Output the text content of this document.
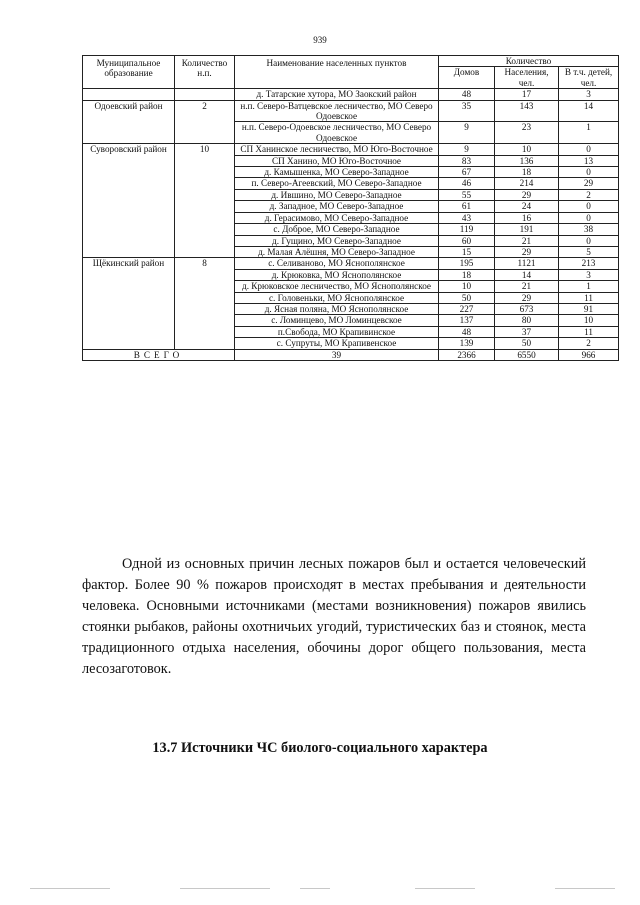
939
Муниципальное образование	Количество н.п.	Наименование населенных пунктов	Количество		
			Домов	Населения, чел.	В т.ч. детей, чел.
		д. Татарские хутора, МО Заокский район	48	17	3
Одоевский район	2	н.п. Северо-Ватцевское лесничество, МО Северо Одоевское	35	143	14
		н.п. Северо-Одоевское лесничество, МО Северо Одоевское	9	23	1
Суворовский район	10	СП Ханинское лесничество, МО Юго-Восточное	9	10	0
		СП Ханино, МО Юго-Восточное	83	136	13
		д. Камышенка, МО Северо-Западное	67	18	0
		п. Северо-Агеевский, МО Северо-Западное	46	214	29
		д. Ившино, МО Северо-Западное	55	29	2
		д. Западное, МО Северо-Западное	61	24	0
		д. Герасимово, МО Северо-Западное	43	16	0
		с. Доброе, МО Северо-Западное	119	191	38
		д. Гущино, МО Северо-Западное	60	21	0
		д. Малая Алёшня, МО Северо-Западное	15	29	5
Щёкинский район	8	с. Селиваново, МО Яснополянское	195	1121	213
		д. Крюковка, МО Яснополянское	18	14	3
		д. Крюковское лесничество, МО Яснополянское	10	21	1
		с. Головеньки, МО Яснополянское	50	29	11
		д. Ясная поляна, МО Яснополянское	227	673	91
		с. Ломинцево, МО Ломинцевское	137	80	10
		п.Свобода, МО Крапивинское	48	37	11
		с. Супруты, МО Крапивенское	139	50	2
ВСЕГО		39	2366	6550	966

Одной из основных причин лесных пожаров был и остается человеческий фактор. Более 90 % пожаров происходят в местах пребывания и деятельности человека. Основными источниками (местами возникновения) пожаров явились стоянки рыбаков, районы охотничьих угодий, туристических баз и стоянок, места традиционного отдыха населения, обочины дорог общего пользования, места лесозаготовок.

13.7 Источники ЧС биолого-социального характера
